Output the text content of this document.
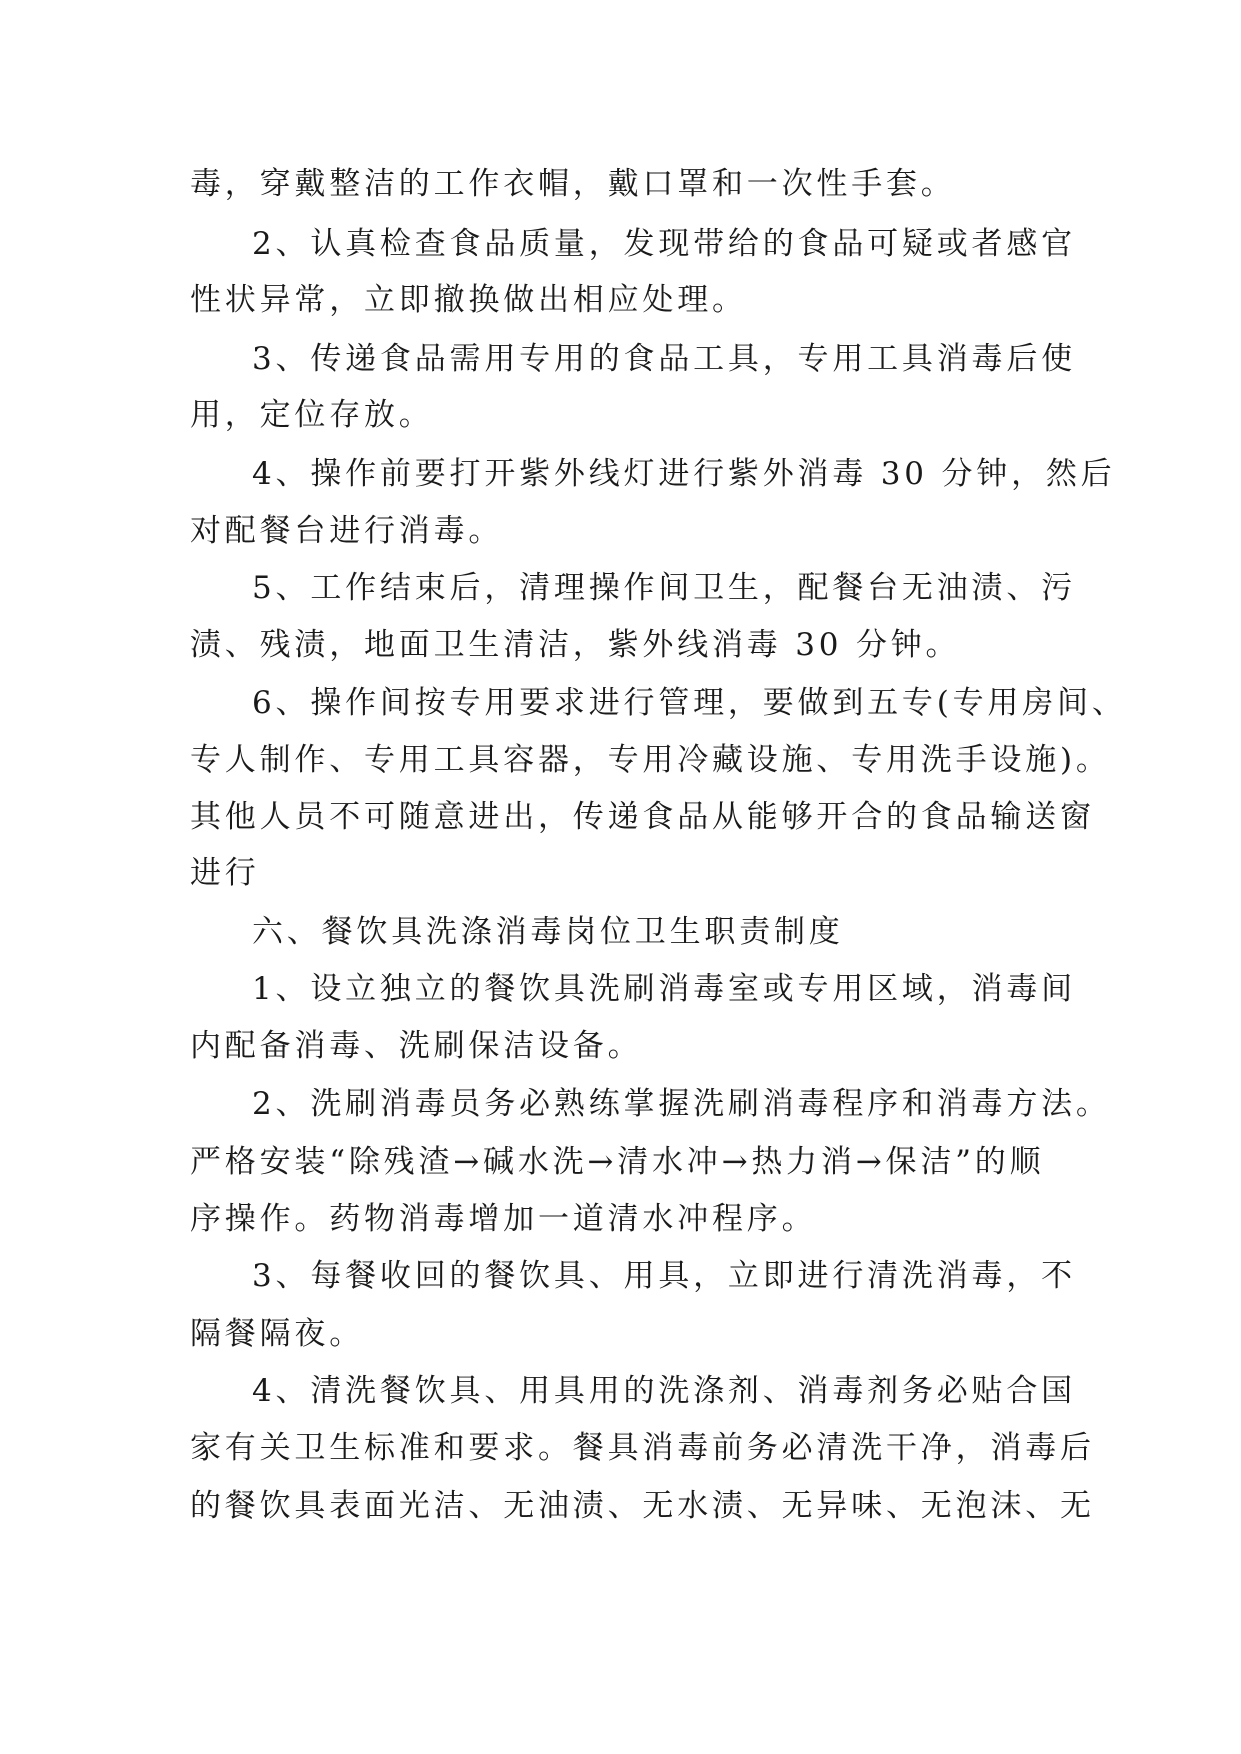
毒，穿戴整洁的工作衣帽，戴口罩和一次性手套。
2、认真检查食品质量，发现带给的食品可疑或者感官
性状异常，立即撤换做出相应处理。
3、传递食品需用专用的食品工具，专用工具消毒后使
用，定位存放。
4、操作前要打开紫外线灯进行紫外消毒 30 分钟，然后
对配餐台进行消毒。
5、工作结束后，清理操作间卫生，配餐台无油渍、污
渍、残渍，地面卫生清洁，紫外线消毒 30 分钟。
6、操作间按专用要求进行管理，要做到五专(专用房间、
专人制作、专用工具容器，专用冷藏设施、专用洗手设施)。
其他人员不可随意进出，传递食品从能够开合的食品输送窗
进行
六、餐饮具洗涤消毒岗位卫生职责制度
1、设立独立的餐饮具洗刷消毒室或专用区域，消毒间
内配备消毒、洗刷保洁设备。
2、洗刷消毒员务必熟练掌握洗刷消毒程序和消毒方法。
严格安装“除残渣→碱水洗→清水冲→热力消→保洁”的顺
序操作。药物消毒增加一道清水冲程序。
3、每餐收回的餐饮具、用具，立即进行清洗消毒，不
隔餐隔夜。
4、清洗餐饮具、用具用的洗涤剂、消毒剂务必贴合国
家有关卫生标准和要求。餐具消毒前务必清洗干净，消毒后
的餐饮具表面光洁、无油渍、无水渍、无异味、无泡沫、无
